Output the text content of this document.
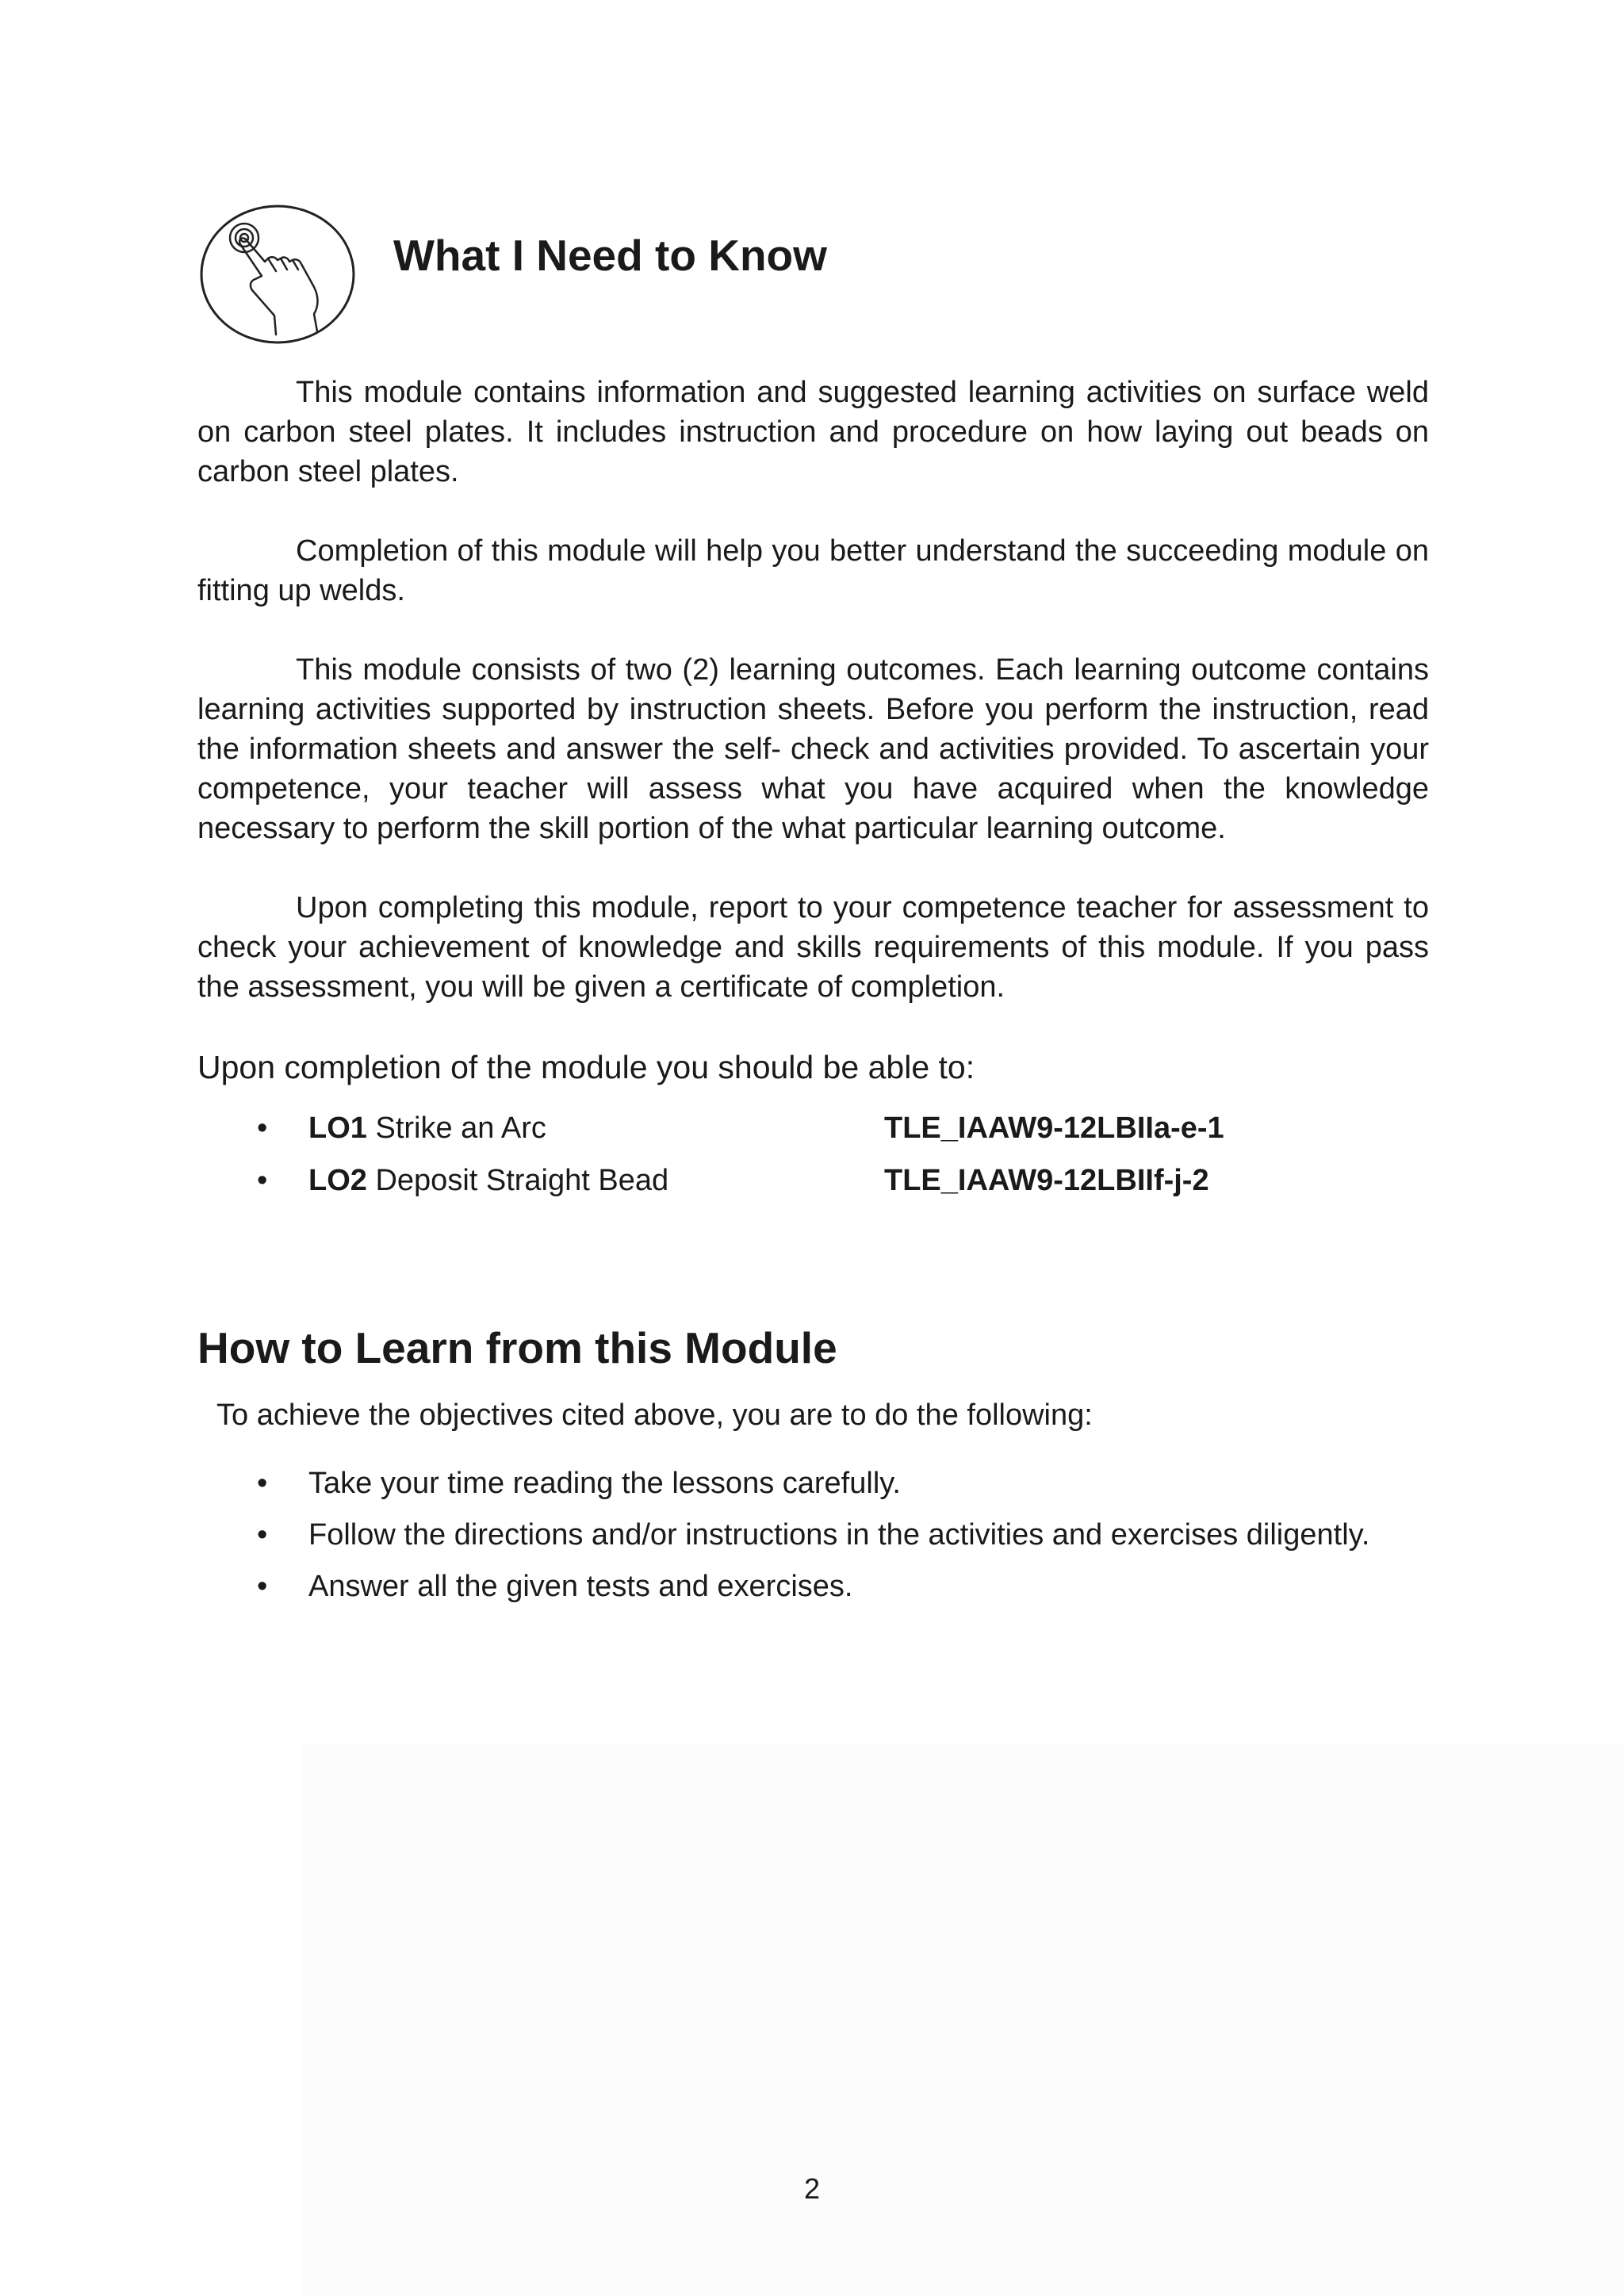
What I Need to Know

This module contains information and suggested learning activities on surface weld on carbon steel plates. It includes instruction and procedure on how laying out beads on carbon steel plates.

Completion of this module will help you better understand the succeeding module on fitting up welds.

This module consists of two (2) learning outcomes. Each learning outcome contains learning activities supported by instruction sheets. Before you perform the instruction, read the information sheets and answer the self- check and activities provided. To ascertain your competence, your teacher will assess what you have acquired when the knowledge necessary to perform the skill portion of the what particular learning outcome.

Upon completing this module, report to your competence teacher for assessment to check your achievement of knowledge and skills requirements of this module. If you pass the assessment, you will be given a certificate of completion.

Upon completion of the module you should be able to:

• LO1 Strike an Arc	TLE_IAAW9-12LBIIa-e-1
• LO2 Deposit Straight Bead	TLE_IAAW9-12LBIIf-j-2
How to Learn from this Module

To achieve the objectives cited above, you are to do the following:

• Take your time reading the lessons carefully.
• Follow the directions and/or instructions in the activities and exercises diligently.
• Answer all the given tests and exercises.

2
